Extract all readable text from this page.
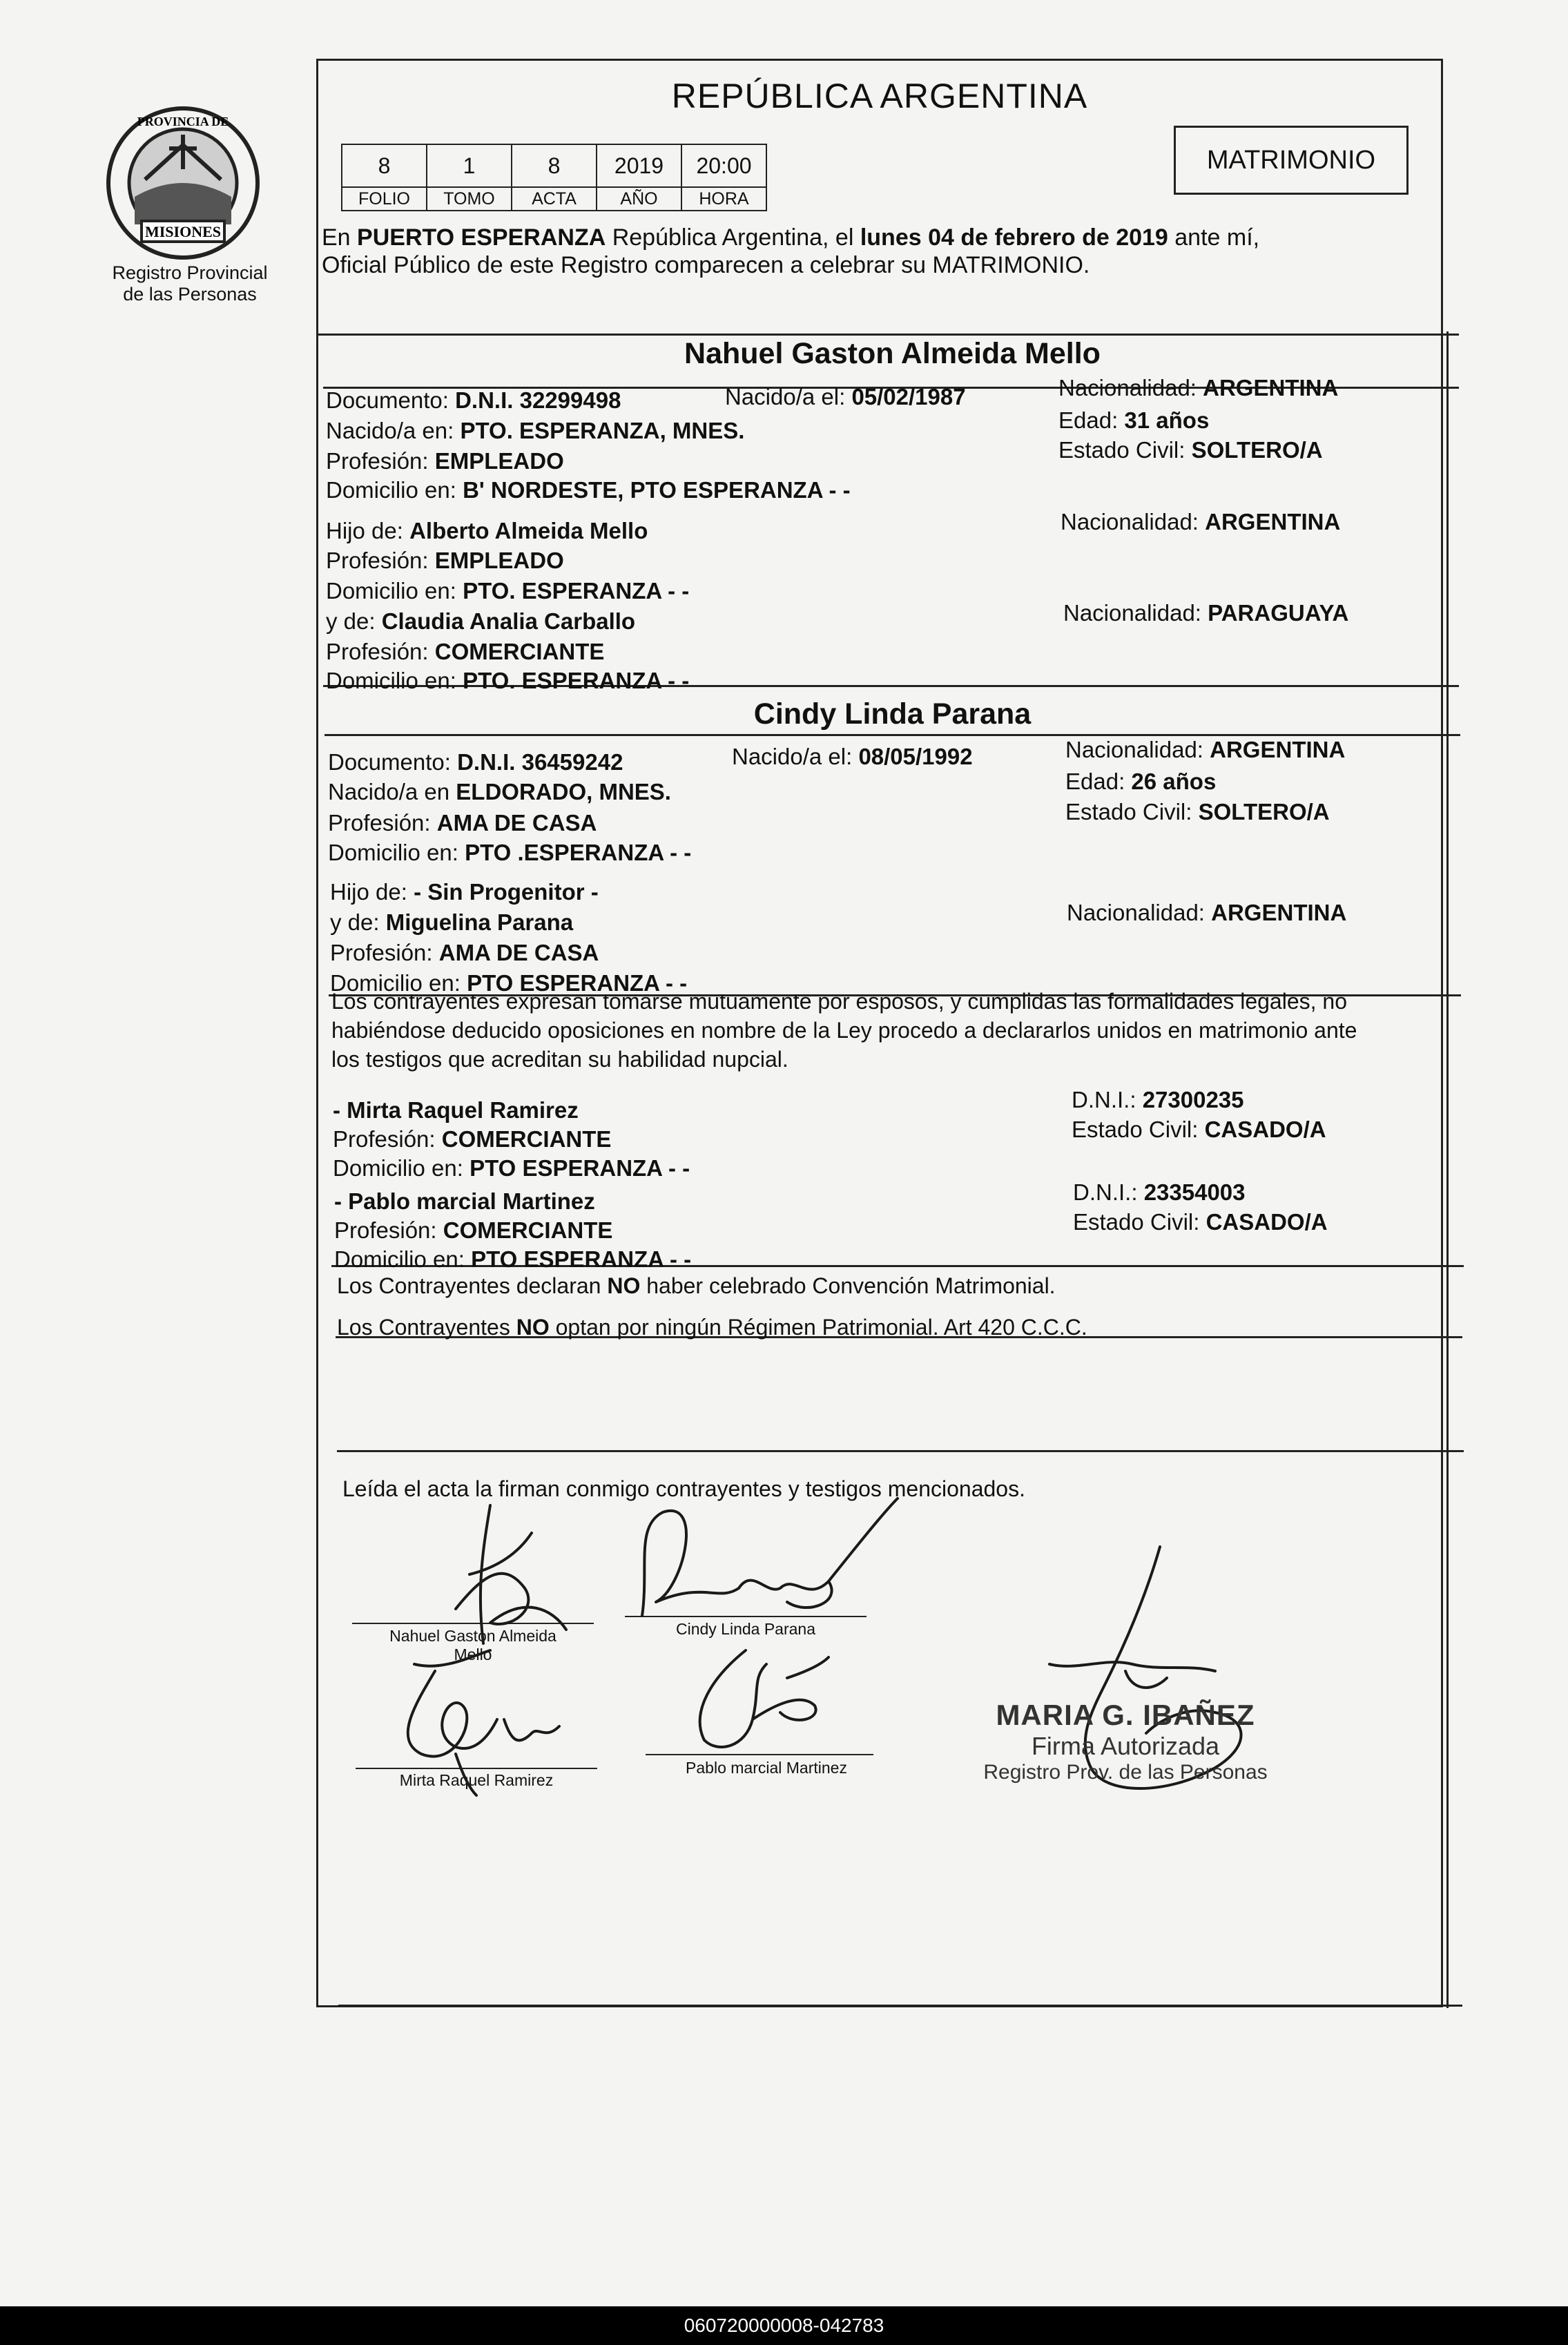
MISIONES
PROVINCIA DE
Registro Provincial
de las Personas
REPÚBLICA ARGENTINA
8	1	8	2019	20:00
FOLIO	TOMO	ACTA	AÑO	HORA
MATRIMONIO
En PUERTO ESPERANZA República Argentina, el lunes 04 de febrero de 2019 ante mí,
Oficial Público de este Registro comparecen a celebrar su MATRIMONIO.
Nahuel Gaston Almeida Mello
Documento: D.N.I. 32299498	Nacido/a el: 05/02/1987	Nacionalidad: ARGENTINA
Nacido/a en: PTO. ESPERANZA, MNES.	Edad: 31 años
Estado Civil: SOLTERO/A
Profesión: EMPLEADO
Domicilio en: B' NORDESTE, PTO ESPERANZA - -
Hijo de: Alberto Almeida Mello	Nacionalidad: ARGENTINA
Profesión: EMPLEADO
Domicilio en: PTO. ESPERANZA - -
y de: Claudia Analia Carballo	Nacionalidad: PARAGUAYA
Profesión: COMERCIANTE
Domicilio en: PTO. ESPERANZA - -
Cindy Linda Parana
Documento: D.N.I. 36459242	Nacido/a el: 08/05/1992	Nacionalidad: ARGENTINA
Nacido/a en ELDORADO, MNES.	Edad: 26 años
Estado Civil: SOLTERO/A
Profesión: AMA DE CASA
Domicilio en: PTO .ESPERANZA - -
Hijo de: - Sin Progenitor -
y de: Miguelina Parana	Nacionalidad: ARGENTINA
Profesión: AMA DE CASA
Domicilio en: PTO ESPERANZA - -
Los contrayentes expresan tomarse mutuamente por esposos, y cumplidas las formalidades legales, no
habiéndose deducido oposiciones en nombre de la Ley procedo a declararlos unidos en matrimonio ante
los testigos que acreditan su habilidad nupcial.
- Mirta Raquel Ramirez	D.N.I.: 27300235
Profesión: COMERCIANTE	Estado Civil: CASADO/A
Domicilio en: PTO ESPERANZA - -
- Pablo marcial Martinez	D.N.I.: 23354003
Profesión: COMERCIANTE	Estado Civil: CASADO/A
Domicilio en: PTO ESPERANZA - -
Los Contrayentes declaran NO haber celebrado Convención Matrimonial.
Los Contrayentes NO optan por ningún Régimen Patrimonial. Art 420 C.C.C.
Leída el acta la firman conmigo contrayentes y testigos mencionados.
Nahuel Gaston Almeida
Mello
Cindy Linda Parana
Mirta Raquel Ramirez
Pablo marcial Martinez
MARIA G. IBAÑEZ
Firma Autorizada
Registro Prov. de las Personas
060720000008-042783
